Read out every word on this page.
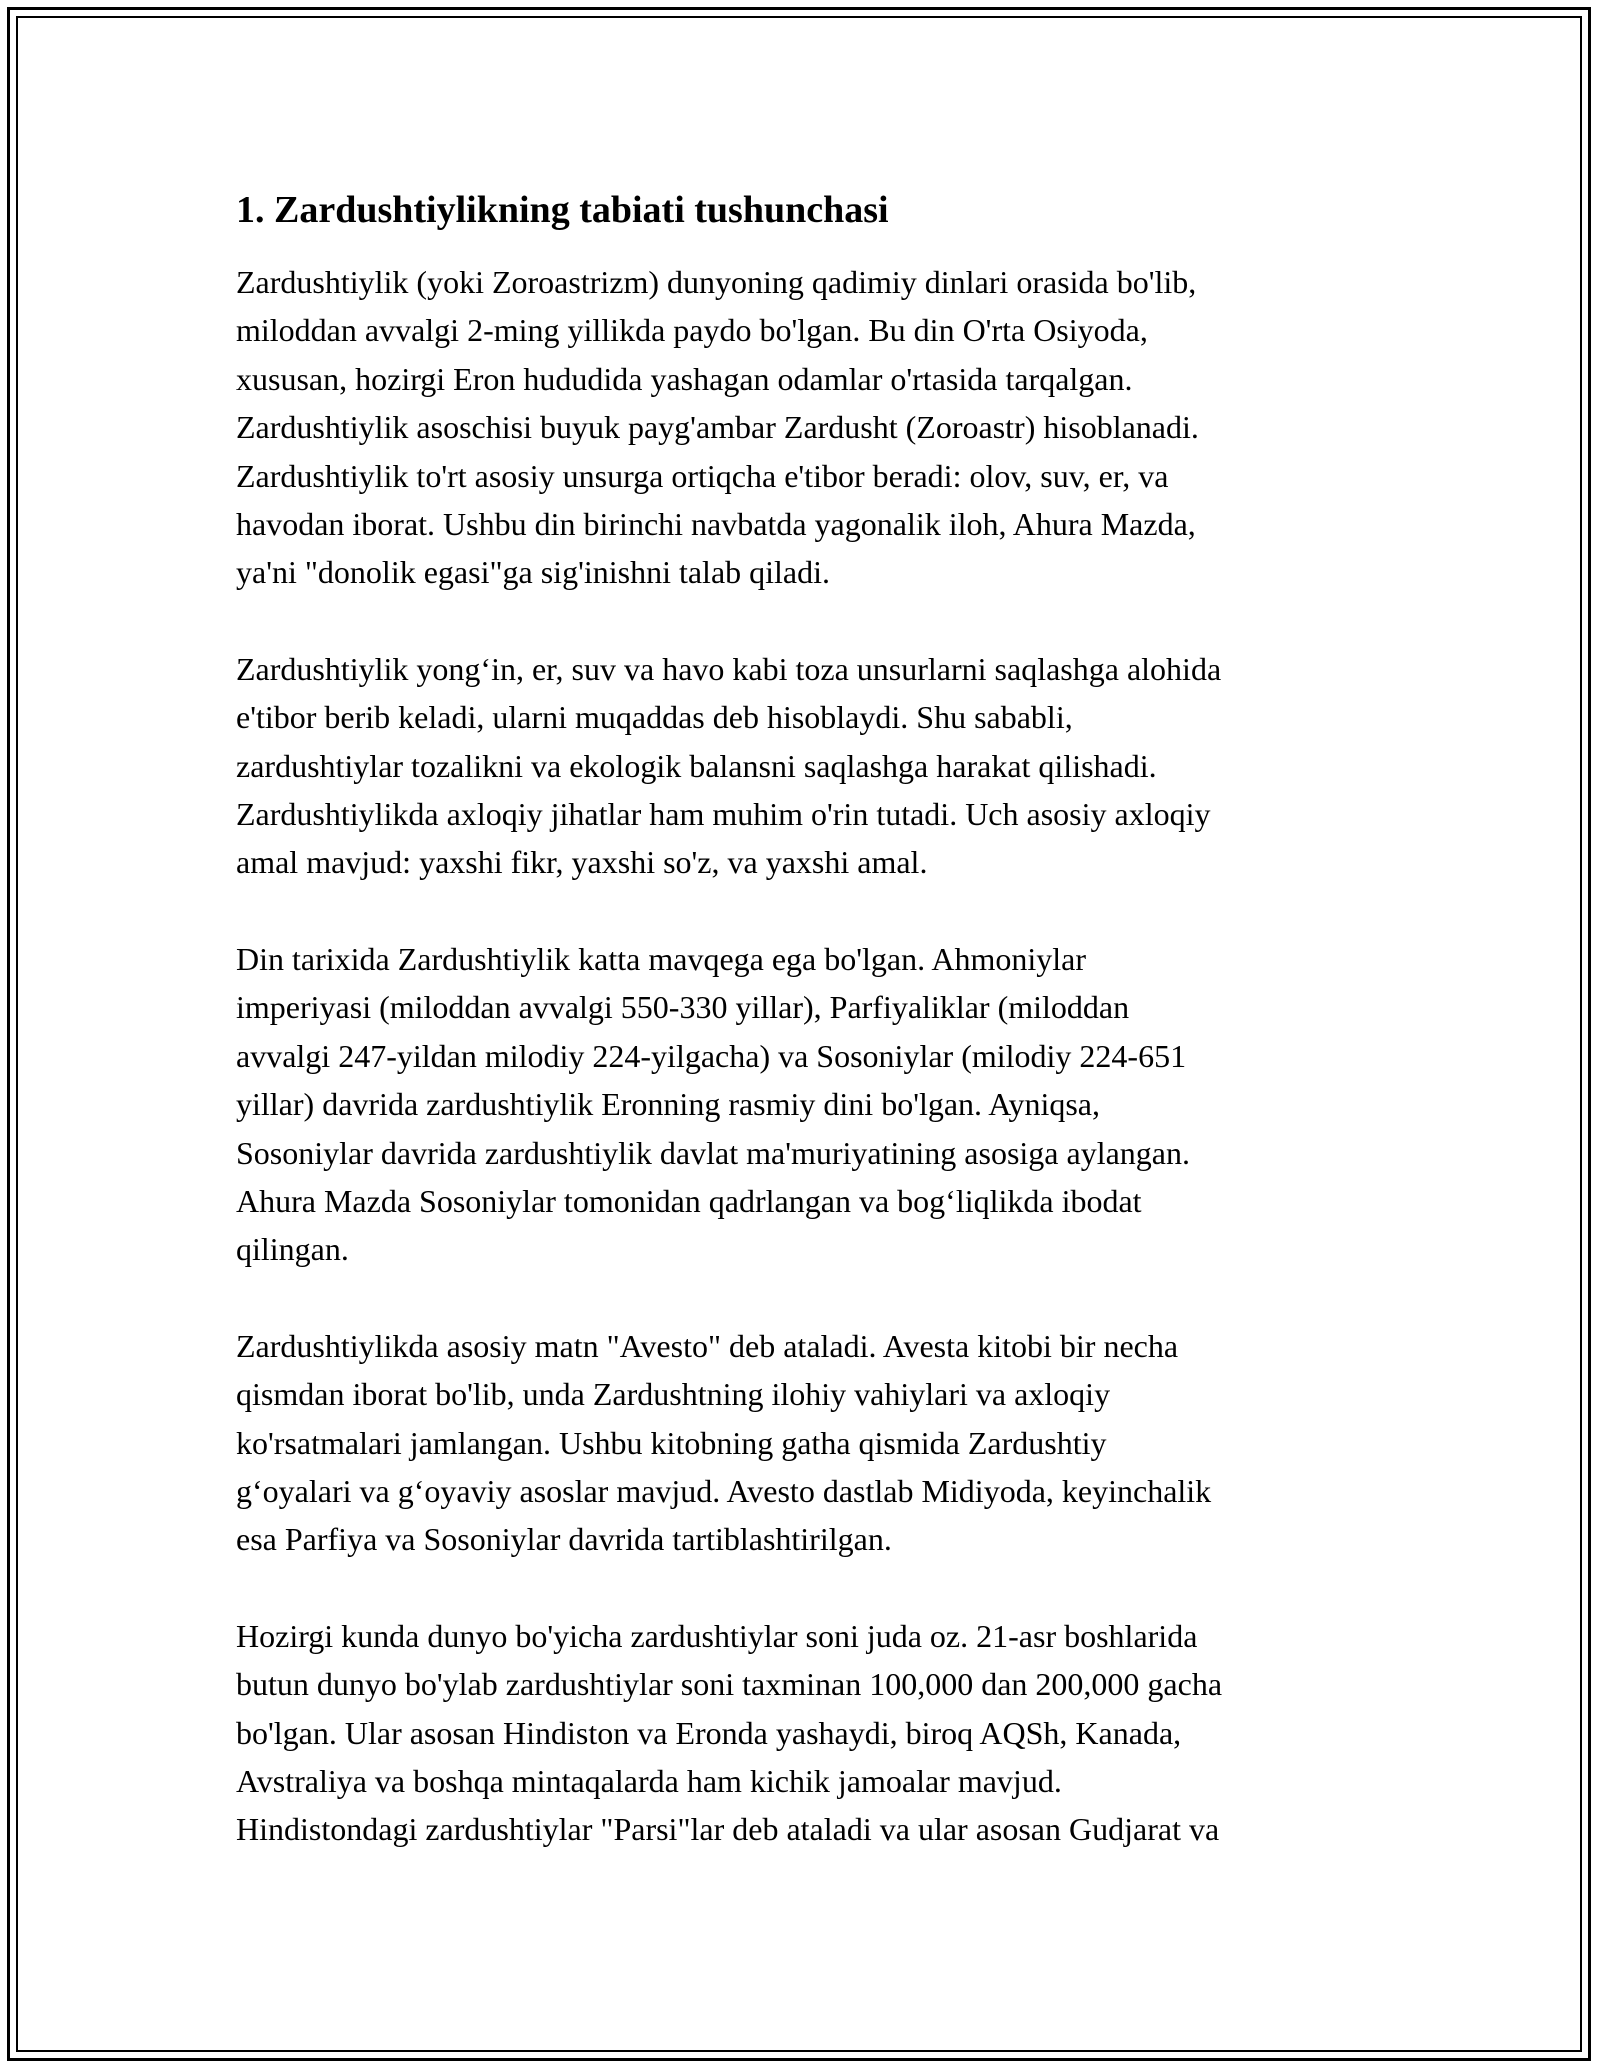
1. Zardushtiylikning tabiati tushunchasi
Zardushtiylik (yoki Zoroastrizm) dunyoning qadimiy dinlari orasida bo'lib,
miloddan avvalgi 2-ming yillikda paydo bo'lgan. Bu din O'rta Osiyoda,
xususan, hozirgi Eron hududida yashagan odamlar o'rtasida tarqalgan.
Zardushtiylik asoschisi buyuk payg'ambar Zardusht (Zoroastr) hisoblanadi.
Zardushtiylik to'rt asosiy unsurga ortiqcha e'tibor beradi: olov, suv, er, va
havodan iborat. Ushbu din birinchi navbatda yagonalik iloh, Ahura Mazda,
ya'ni "donolik egasi"ga sig'inishni talab qiladi.
Zardushtiylik yong‘in, er, suv va havo kabi toza unsurlarni saqlashga alohida
e'tibor berib keladi, ularni muqaddas deb hisoblaydi. Shu sababli,
zardushtiylar tozalikni va ekologik balansni saqlashga harakat qilishadi.
Zardushtiylikda axloqiy jihatlar ham muhim o'rin tutadi. Uch asosiy axloqiy
amal mavjud: yaxshi fikr, yaxshi so'z, va yaxshi amal.
Din tarixida Zardushtiylik katta mavqega ega bo'lgan. Ahmoniylar
imperiyasi (miloddan avvalgi 550-330 yillar), Parfiyaliklar (miloddan
avvalgi 247-yildan milodiy 224-yilgacha) va Sosoniylar (milodiy 224-651
yillar) davrida zardushtiylik Eronning rasmiy dini bo'lgan. Ayniqsa,
Sosoniylar davrida zardushtiylik davlat ma'muriyatining asosiga aylangan.
Ahura Mazda Sosoniylar tomonidan qadrlangan va bog‘liqlikda ibodat
qilingan.
Zardushtiylikda asosiy matn "Avesto" deb ataladi. Avesta kitobi bir necha
qismdan iborat bo'lib, unda Zardushtning ilohiy vahiylari va axloqiy
ko'rsatmalari jamlangan. Ushbu kitobning gatha qismida Zardushtiy
g‘oyalari va g‘oyaviy asoslar mavjud. Avesto dastlab Midiyoda, keyinchalik
esa Parfiya va Sosoniylar davrida tartiblashtirilgan.
Hozirgi kunda dunyo bo'yicha zardushtiylar soni juda oz. 21-asr boshlarida
butun dunyo bo'ylab zardushtiylar soni taxminan 100,000 dan 200,000 gacha
bo'lgan. Ular asosan Hindiston va Eronda yashaydi, biroq AQSh, Kanada,
Avstraliya va boshqa mintaqalarda ham kichik jamoalar mavjud.
Hindistondagi zardushtiylar "Parsi"lar deb ataladi va ular asosan Gudjarat va
